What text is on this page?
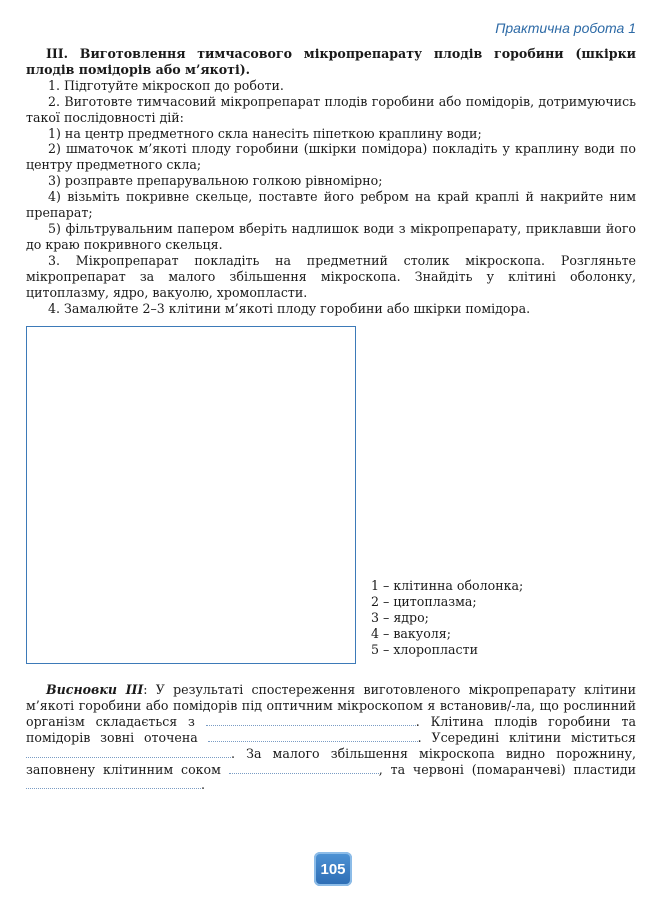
Практична робота 1

III. Виготовлення тимчасового мікропрепарату плодів горобини (шкірки плодів помідорів або м’якоті).

1. Підготуйте мікроскоп до роботи.

2. Виготовте тимчасовий мікропрепарат плодів горобини або помідорів, дотримуючись такої послідовності дій:

1) на центр предметного скла нанесіть піпеткою краплину води;

2) шматочок м’якоті плоду горобини (шкірки помідора) покладіть у краплину води по центру предметного скла;

3) розправте препарувальною голкою рівномірно;

4) візьміть покривне скельце, поставте його ребром на край краплі й накрийте ним препарат;

5) фільтрувальним папером вберіть надлишок води з мікропрепарату, приклавши його до краю покривного скельця.

3. Мікропрепарат покладіть на предметний столик мікроскопа. Розгляньте мікропрепарат за малого збільшення мікроскопа. Знайдіть у клітині оболонку, цитоплазму, ядро, вакуолю, хромопласти.

4. Замалюйте 2–3 клітини м’якоті плоду горобини або шкірки помідора.

1 – клітинна оболонка;
2 – цитоплазма;
3 – ядро;
4 – вакуоля;
5 – хлоропласти
Висновки III: У результаті спостереження виготовленого мікропрепарату клітини м’якоті горобини або помідорів під оптичним мікроскопом я встановив/-ла, що рослинний організм складається з	. Клітина плодів горобини та помідорів зовні оточена	. Усередині клітини міститься . За малого збільшення мікроскопа видно порожнину, заповнену клітинним соком	, та червоні (помаранчеві) пластиди .
105
